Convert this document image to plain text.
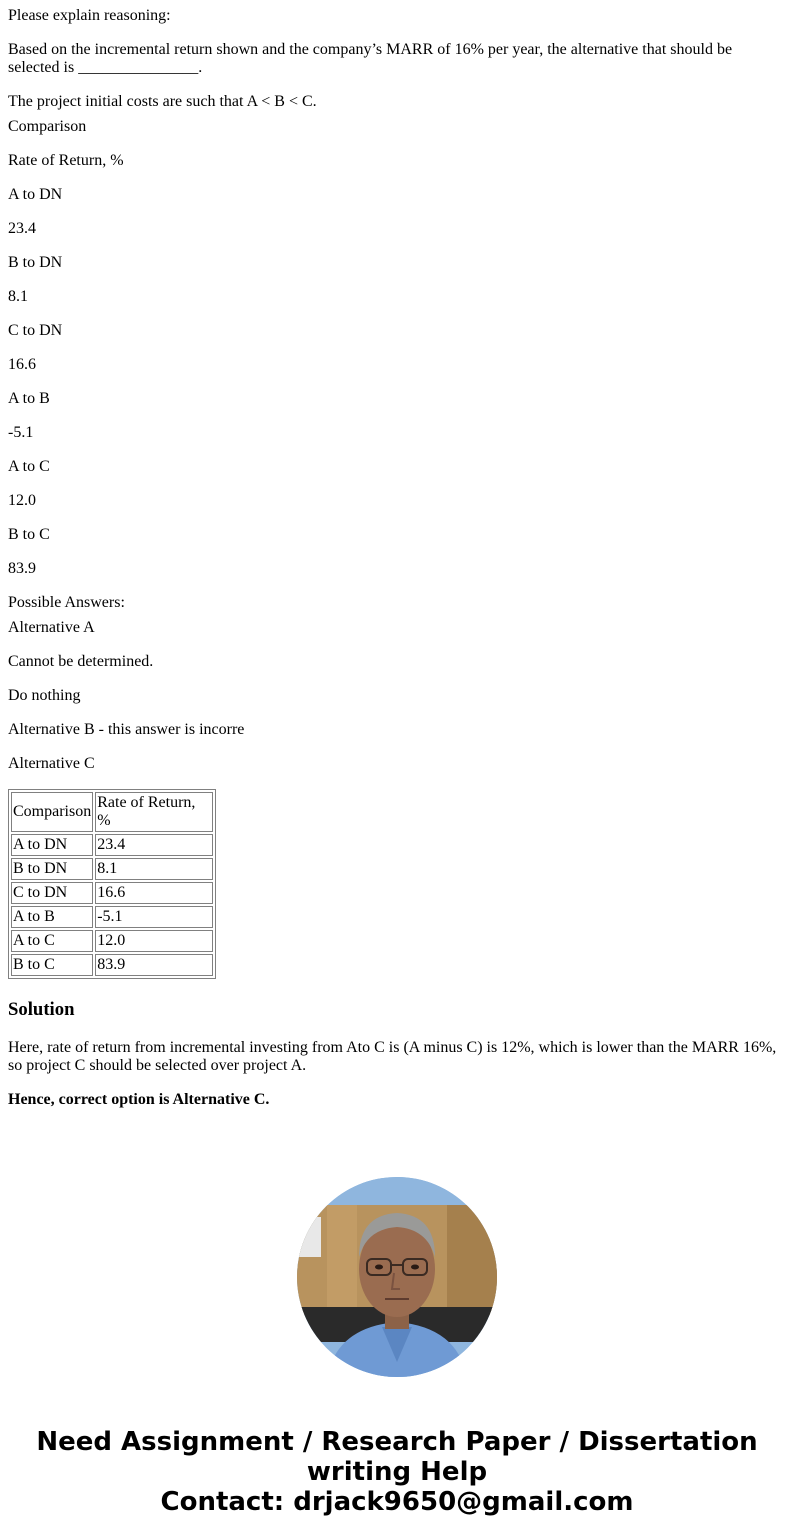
Please explain reasoning:

Based on the incremental return shown and the company’s MARR of 16% per year, the alternative that should be selected is _______________.

The project initial costs are such that A < B < C.

Comparison

Rate of Return, %

A to DN

23.4

B to DN

8.1

C to DN

16.6

A to B

-5.1

A to C

12.0

B to C

83.9

Possible Answers:

Alternative A

Cannot be determined.

Do nothing

Alternative B - this answer is incorre

Alternative C

Comparison	Rate of Return, %
A to DN	23.4
B to DN	8.1
C to DN	16.6
A to B	-5.1
A to C	12.0
B to C	83.9
Solution

Here, rate of return from incremental investing from Ato C is (A minus C) is 12%, which is lower than the MARR 16%, so project C should be selected over project A.

Hence, correct option is Alternative C.

Need Assignment / Research Paper / Dissertation writing Help
Contact: drjack9650@gmail.com
